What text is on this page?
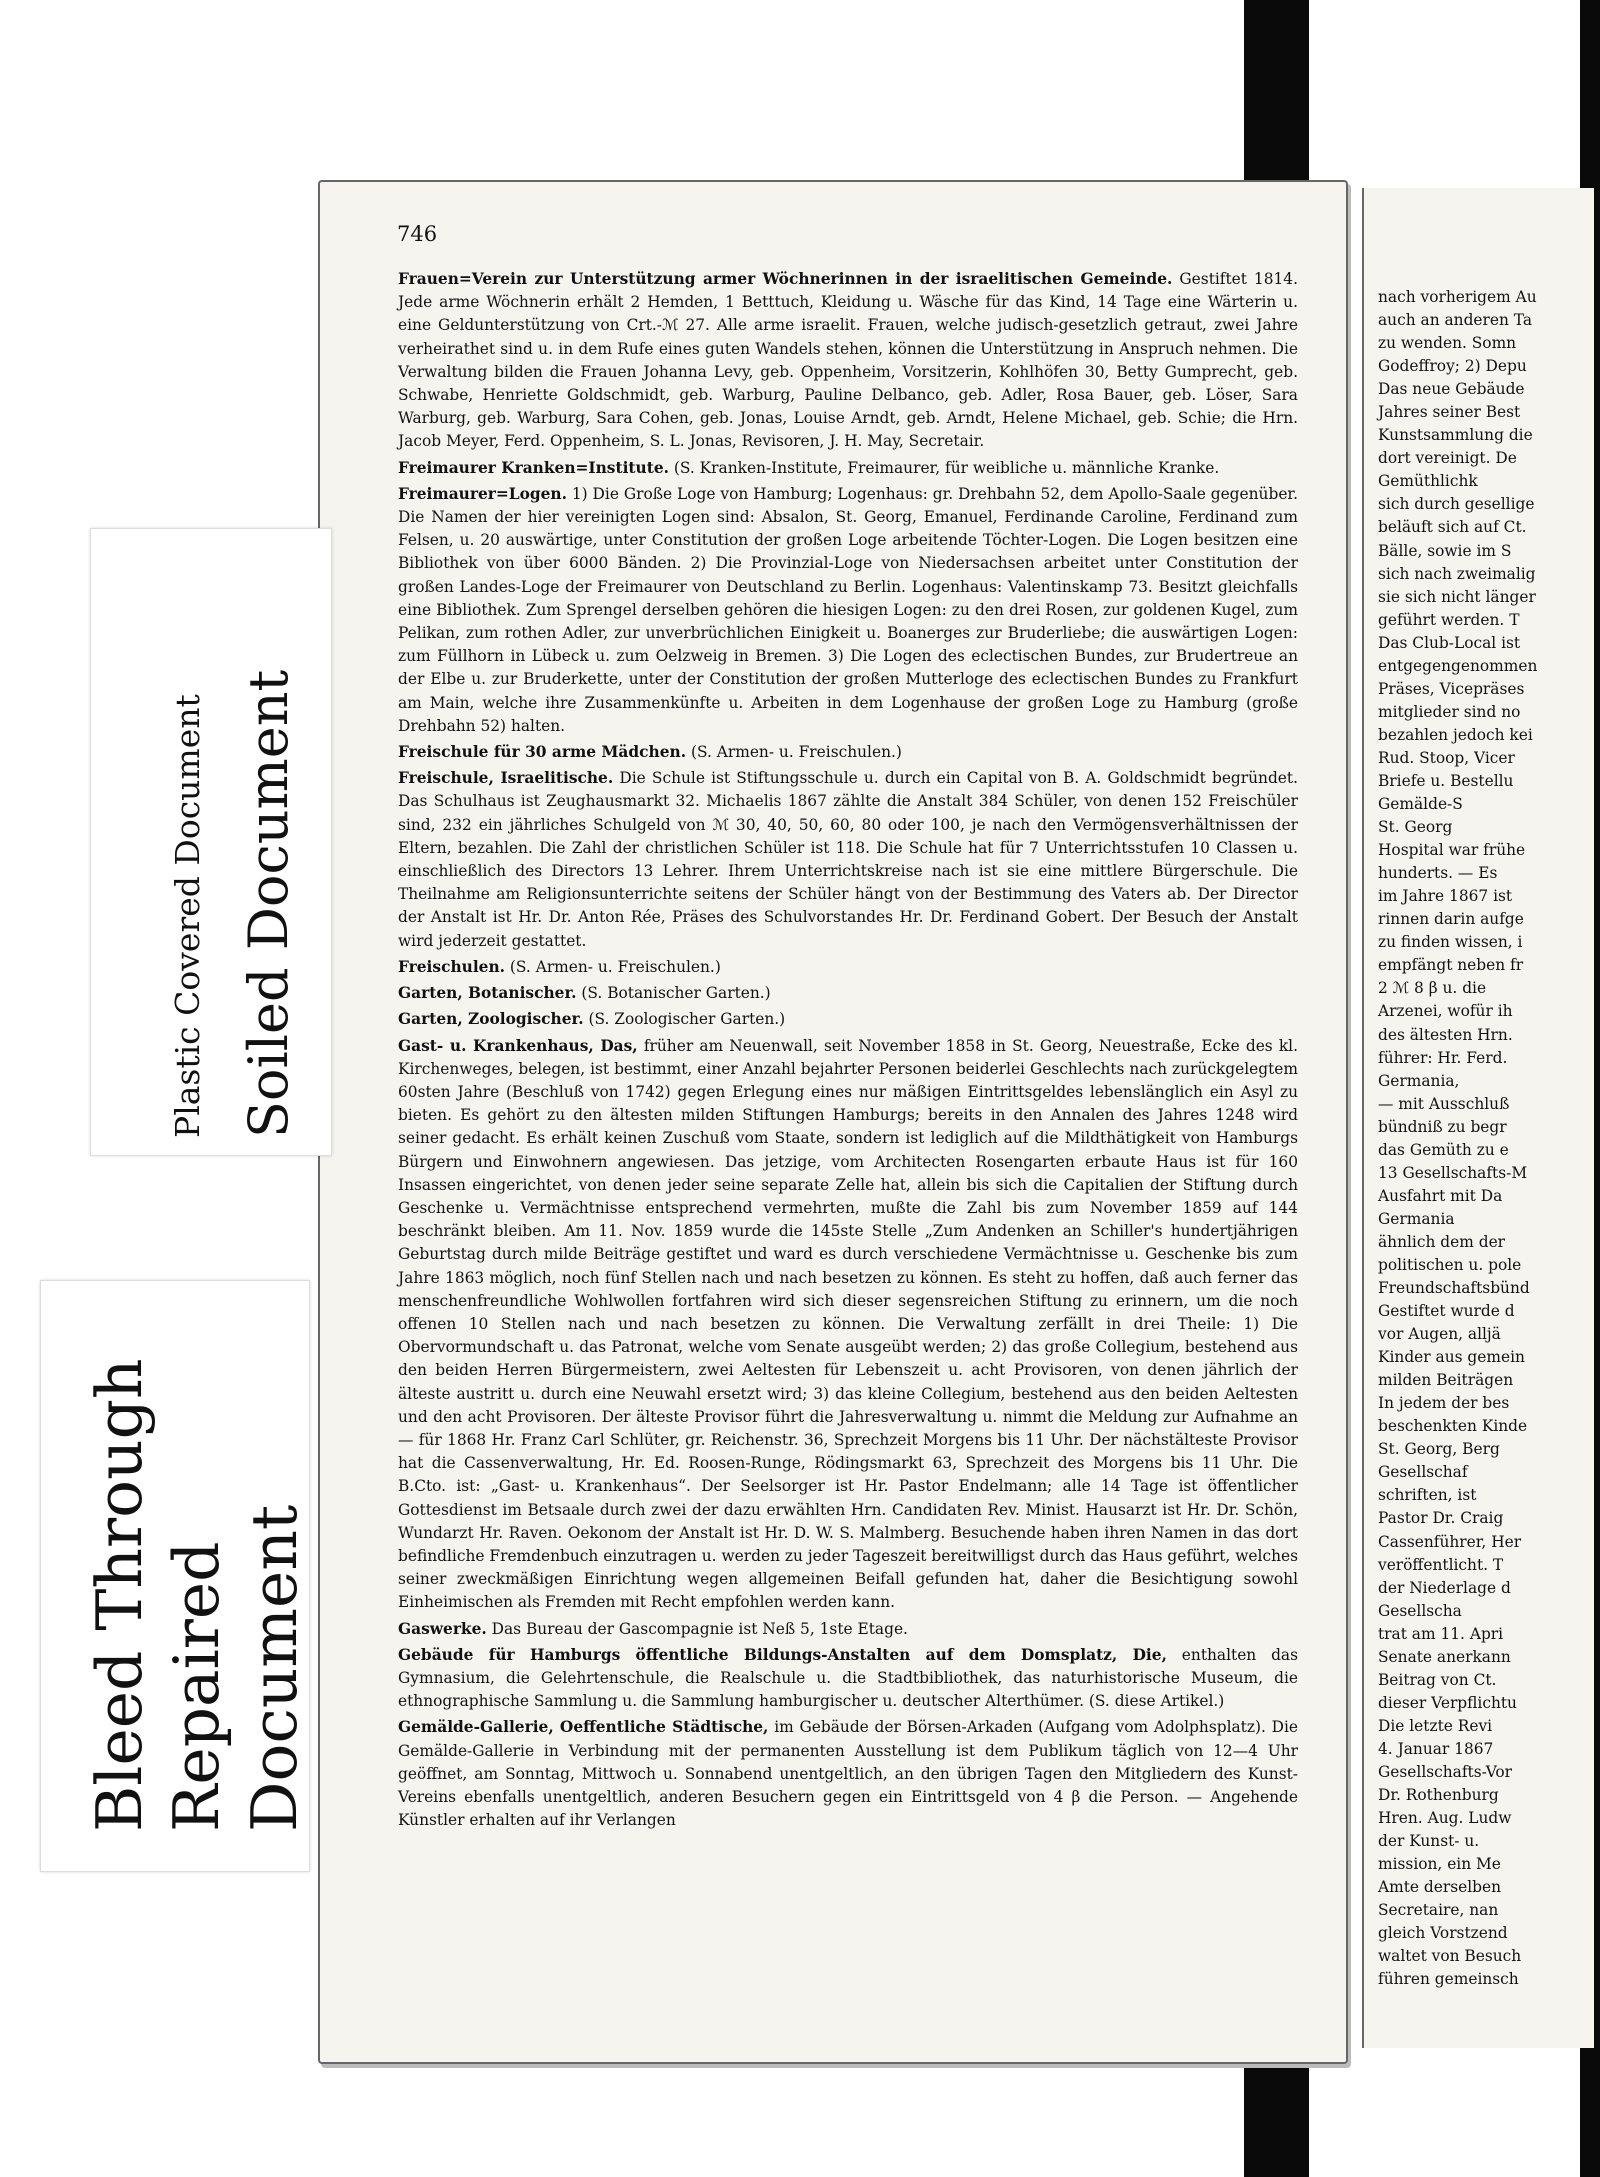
746

Frauen=Verein zur Unterstützung armer Wöchnerinnen in der israelitischen Gemeinde. Gestiftet 1814. Jede arme Wöchnerin erhält 2 Hemden, 1 Betttuch, Kleidung u. Wäsche für das Kind, 14 Tage eine Wärterin u. eine Geldunterstützung von Crt.-ℳ 27. Alle arme israelit. Frauen, welche judisch-gesetzlich getraut, zwei Jahre verheirathet sind u. in dem Rufe eines guten Wandels stehen, können die Unterstützung in Anspruch nehmen. Die Verwaltung bilden die Frauen Johanna Levy, geb. Oppenheim, Vorsitzerin, Kohlhöfen 30, Betty Gumprecht, geb. Schwabe, Henriette Goldschmidt, geb. Warburg, Pauline Delbanco, geb. Adler, Rosa Bauer, geb. Löser, Sara Warburg, geb. Warburg, Sara Cohen, geb. Jonas, Louise Arndt, geb. Arndt, Helene Michael, geb. Schie; die Hrn. Jacob Meyer, Ferd. Oppenheim, S. L. Jonas, Revisoren, J. H. May, Secretair.

Freimaurer Kranken=Institute. (S. Kranken-Institute, Freimaurer, für weibliche u. männliche Kranke.

Freimaurer=Logen. 1) Die Große Loge von Hamburg; Logenhaus: gr. Drehbahn 52, dem Apollo-Saale gegenüber. Die Namen der hier vereinigten Logen sind: Absalon, St. Georg, Emanuel, Ferdinande Caroline, Ferdinand zum Felsen, u. 20 auswärtige, unter Constitution der großen Loge arbeitende Töchter-Logen. Die Logen besitzen eine Bibliothek von über 6000 Bänden. 2) Die Provinzial-Loge von Niedersachsen arbeitet unter Constitution der großen Landes-Loge der Freimaurer von Deutschland zu Berlin. Logenhaus: Valentinskamp 73. Besitzt gleichfalls eine Bibliothek. Zum Sprengel derselben gehören die hiesigen Logen: zu den drei Rosen, zur goldenen Kugel, zum Pelikan, zum rothen Adler, zur unverbrüchlichen Einigkeit u. Boanerges zur Bruderliebe; die auswärtigen Logen: zum Füllhorn in Lübeck u. zum Oelzweig in Bremen. 3) Die Logen des eclectischen Bundes, zur Brudertreue an der Elbe u. zur Bruderkette, unter der Constitution der großen Mutterloge des eclectischen Bundes zu Frankfurt am Main, welche ihre Zusammenkünfte u. Arbeiten in dem Logenhause der großen Loge zu Hamburg (große Drehbahn 52) halten.

Freischule für 30 arme Mädchen. (S. Armen- u. Freischulen.)

Freischule, Israelitische. Die Schule ist Stiftungsschule u. durch ein Capital von B. A. Goldschmidt begründet. Das Schulhaus ist Zeughausmarkt 32. Michaelis 1867 zählte die Anstalt 384 Schüler, von denen 152 Freischüler sind, 232 ein jährliches Schulgeld von ℳ 30, 40, 50, 60, 80 oder 100, je nach den Vermögensverhältnissen der Eltern, bezahlen. Die Zahl der christlichen Schüler ist 118. Die Schule hat für 7 Unterrichtsstufen 10 Classen u. einschließlich des Directors 13 Lehrer. Ihrem Unterrichtskreise nach ist sie eine mittlere Bürgerschule. Die Theilnahme am Religionsunterrichte seitens der Schüler hängt von der Bestimmung des Vaters ab. Der Director der Anstalt ist Hr. Dr. Anton Rée, Präses des Schulvorstandes Hr. Dr. Ferdinand Gobert. Der Besuch der Anstalt wird jederzeit gestattet.

Freischulen. (S. Armen- u. Freischulen.)

Garten, Botanischer. (S. Botanischer Garten.)

Garten, Zoologischer. (S. Zoologischer Garten.)

Gast- u. Krankenhaus, Das, früher am Neuenwall, seit November 1858 in St. Georg, Neuestraße, Ecke des kl. Kirchenweges, belegen, ist bestimmt, einer Anzahl bejahrter Personen beiderlei Geschlechts nach zurückgelegtem 60sten Jahre (Beschluß von 1742) gegen Erlegung eines nur mäßigen Eintrittsgeldes lebenslänglich ein Asyl zu bieten. Es gehört zu den ältesten milden Stiftungen Hamburgs; bereits in den Annalen des Jahres 1248 wird seiner gedacht. Es erhält keinen Zuschuß vom Staate, sondern ist lediglich auf die Mildthätigkeit von Hamburgs Bürgern und Einwohnern angewiesen. Das jetzige, vom Architecten Rosengarten erbaute Haus ist für 160 Insassen eingerichtet, von denen jeder seine separate Zelle hat, allein bis sich die Capitalien der Stiftung durch Geschenke u. Vermächtnisse entsprechend vermehrten, mußte die Zahl bis zum November 1859 auf 144 beschränkt bleiben. Am 11. Nov. 1859 wurde die 145ste Stelle „Zum Andenken an Schiller's hundertjährigen Geburtstag durch milde Beiträge gestiftet und ward es durch verschiedene Vermächtnisse u. Geschenke bis zum Jahre 1863 möglich, noch fünf Stellen nach und nach besetzen zu können. Es steht zu hoffen, daß auch ferner das menschenfreundliche Wohlwollen fortfahren wird sich dieser segensreichen Stiftung zu erinnern, um die noch offenen 10 Stellen nach und nach besetzen zu können. Die Verwaltung zerfällt in drei Theile: 1) Die Obervormundschaft u. das Patronat, welche vom Senate ausgeübt werden; 2) das große Collegium, bestehend aus den beiden Herren Bürgermeistern, zwei Aeltesten für Lebenszeit u. acht Provisoren, von denen jährlich der älteste austritt u. durch eine Neuwahl ersetzt wird; 3) das kleine Collegium, bestehend aus den beiden Aeltesten und den acht Provisoren. Der älteste Provisor führt die Jahresverwaltung u. nimmt die Meldung zur Aufnahme an — für 1868 Hr. Franz Carl Schlüter, gr. Reichenstr. 36, Sprechzeit Morgens bis 11 Uhr. Der nächstälteste Provisor hat die Cassenverwaltung, Hr. Ed. Roosen-Runge, Rödingsmarkt 63, Sprechzeit des Morgens bis 11 Uhr. Die B.Cto. ist: „Gast- u. Krankenhaus“. Der Seelsorger ist Hr. Pastor Endelmann; alle 14 Tage ist öffentlicher Gottesdienst im Betsaale durch zwei der dazu erwählten Hrn. Candidaten Rev. Minist. Hausarzt ist Hr. Dr. Schön, Wundarzt Hr. Raven. Oekonom der Anstalt ist Hr. D. W. S. Malmberg. Besuchende haben ihren Namen in das dort befindliche Fremdenbuch einzutragen u. werden zu jeder Tageszeit bereitwilligst durch das Haus geführt, welches seiner zweckmäßigen Einrichtung wegen allgemeinen Beifall gefunden hat, daher die Besichtigung sowohl Einheimischen als Fremden mit Recht empfohlen werden kann.

Gaswerke. Das Bureau der Gascompagnie ist Neß 5, 1ste Etage.

Gebäude für Hamburgs öffentliche Bildungs-Anstalten auf dem Domsplatz, Die, enthalten das Gymnasium, die Gelehrtenschule, die Realschule u. die Stadtbibliothek, das naturhistorische Museum, die ethnographische Sammlung u. die Sammlung hamburgischer u. deutscher Alterthümer. (S. diese Artikel.)

Gemälde-Gallerie, Oeffentliche Städtische, im Gebäude der Börsen-Arkaden (Aufgang vom Adolphsplatz). Die Gemälde-Gallerie in Verbindung mit der permanenten Ausstellung ist dem Publikum täglich von 12—4 Uhr geöffnet, am Sonntag, Mittwoch u. Sonnabend unentgeltlich, an den übrigen Tagen den Mitgliedern des Kunst-Vereins ebenfalls unentgeltlich, anderen Besuchern gegen ein Eintrittsgeld von 4 β die Person. — Angehende Künstler erhalten auf ihr Verlangen

nach vorherigem Au
auch an anderen Ta
zu wenden. Somn
Godeffroy; 2) Depu
Das neue Gebäude
Jahres seiner Best
Kunstsammlung die
dort vereinigt. De
Gemüthlichk
sich durch gesellige
beläuft sich auf Ct.
Bälle, sowie im S
sich nach zweimalig
sie sich nicht länger
geführt werden. T
Das Club-Local ist
entgegengenommen
Präses, Vicepräses
mitglieder sind no
bezahlen jedoch kei
Rud. Stoop, Vicer
Briefe u. Bestellu
Gemälde-S
St. Georg
Hospital war frühe
hunderts. — Es
im Jahre 1867 ist
rinnen darin aufge
zu finden wissen, i
empfängt neben fr
2 ℳ 8 β u. die
Arzenei, wofür ih
des ältesten Hrn.
führer: Hr. Ferd.
Germania,
— mit Ausschluß
bündniß zu begr
das Gemüth zu e
13 Gesellschafts-M
Ausfahrt mit Da
Germania
ähnlich dem der
politischen u. pole
Freundschaftsbünd
Gestiftet wurde d
vor Augen, alljä
Kinder aus gemein
milden Beiträgen
In jedem der bes
beschenkten Kinde
St. Georg, Berg
Gesellschaf
schriften, ist
Pastor Dr. Craig
Cassenführer, Her
veröffentlicht. T
der Niederlage d
Gesellscha
trat am 11. Apri
Senate anerkann
Beitrag von Ct.
dieser Verpflichtu
Die letzte Revi
4. Januar 1867
Gesellschafts-Vor
Dr. Rothenburg
Hren. Aug. Ludw
der Kunst- u.
mission, ein Me
Amte derselben
Secretaire, nan
gleich Vorstzend
waltet von Besuch
führen gemeinsch
Plastic Covered Document Soiled Document
Bleed Through Repaired Document
